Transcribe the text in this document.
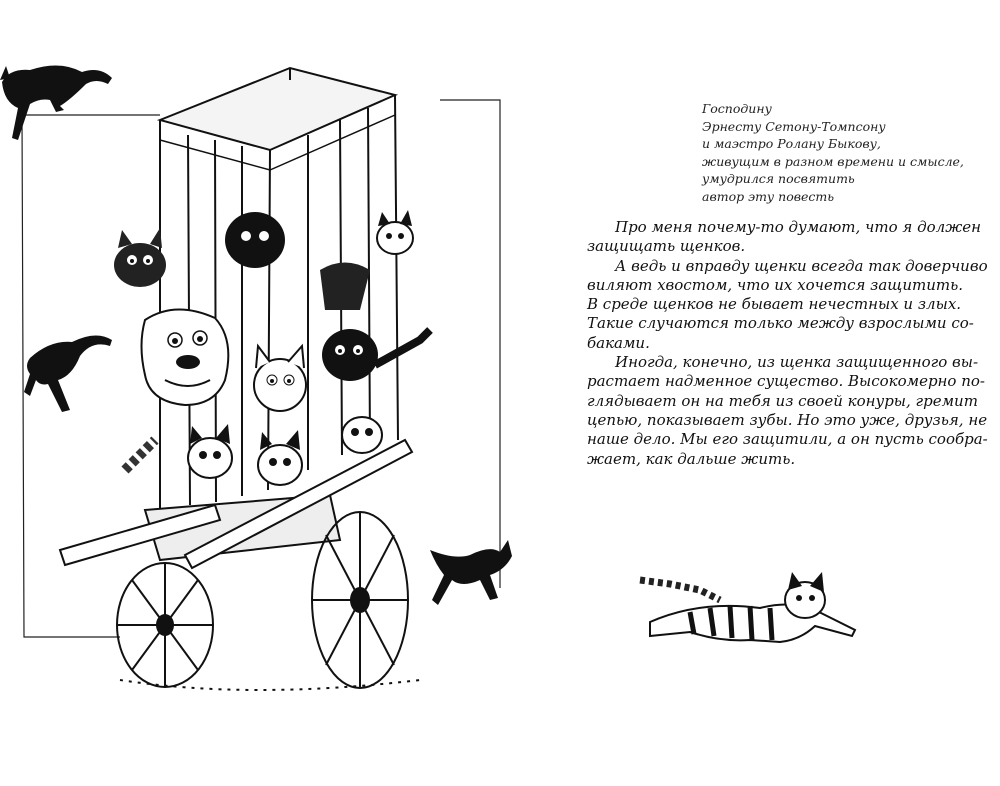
Господину
Эрнесту Сетону-Томпсону
и маэстро Ролану Быкову,
живущим в разном времени и смысле,
умудрился посвятить
автор эту повесть

Про меня почему-то думают, что я должен

защищать щенков.

А ведь и вправду щенки всегда так доверчиво

виляют хвостом, что их хочется защитить.

В среде щенков не бывает нечестных и злых.

Такие случаются только между взрослыми со-

баками.

Иногда, конечно, из щенка защищенного вы-

растает надменное существо. Высокомерно по-

глядывает он на тебя из своей конуры, гремит

цепью, показывает зубы. Но это уже, друзья, не

наше дело. Мы его защитили, а он пусть сообра-

жает, как дальше жить.
